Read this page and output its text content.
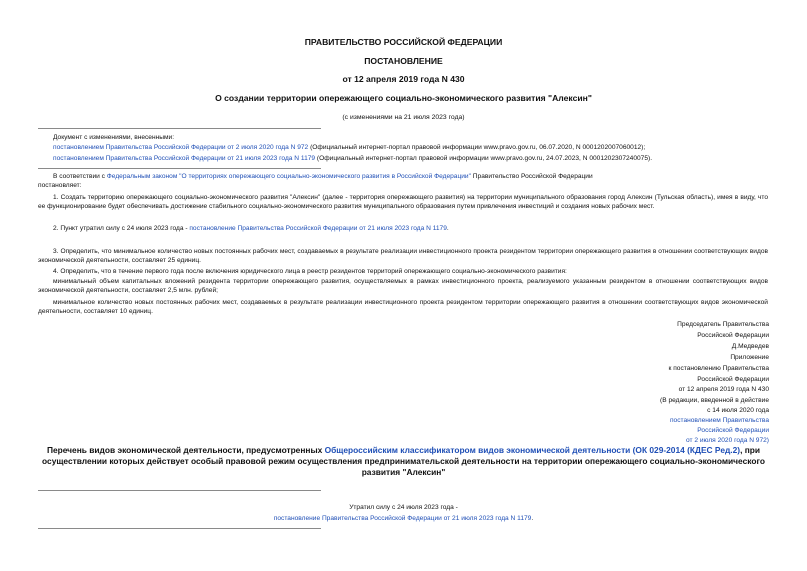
ПРАВИТЕЛЬСТВО РОССИЙСКОЙ ФЕДЕРАЦИИ
ПОСТАНОВЛЕНИЕ
от 12 апреля 2019 года N 430
О создании территории опережающего социально-экономического развития "Алексин"
(с изменениями на 21 июля 2023 года)
Документ с изменениями, внесенными:
постановлением Правительства Российской Федерации от 2 июля 2020 года N 972 (Официальный интернет-портал правовой информации www.pravo.gov.ru, 06.07.2020, N 0001202007060012);
постановлением Правительства Российской Федерации от 21 июля 2023 года N 1179 (Официальный интернет-портал правовой информации www.pravo.gov.ru, 24.07.2023, N 0001202307240075).
В соответствии с Федеральным законом "О территориях опережающего социально-экономического развития в Российской Федерации" Правительство Российской Федерации
постановляет:
1. Создать территорию опережающего социально-экономического развития "Алексин" (далее - территория опережающего развития) на территории муниципального образования город Алексин (Тульская область), имея в виду, что ее функционирование будет обеспечивать достижение стабильного социально-экономического развития муниципального образования путем привлечения инвестиций и создания новых рабочих мест.
2. Пункт утратил силу с 24 июля 2023 года - постановление Правительства Российской Федерации от 21 июля 2023 года N 1179.
3. Определить, что минимальное количество новых постоянных рабочих мест, создаваемых в результате реализации инвестиционного проекта резидентом территории опережающего развития в отношении соответствующих видов экономической деятельности, составляет 25 единиц.
4. Определить, что в течение первого года после включения юридического лица в реестр резидентов территорий опережающего социально-экономического развития:
минимальный объем капитальных вложений резидента территории опережающего развития, осуществляемых в рамках инвестиционного проекта, реализуемого указанным резидентом в отношении соответствующих видов экономической деятельности, составляет 2,5 млн. рублей;
минимальное количество новых постоянных рабочих мест, создаваемых в результате реализации инвестиционного проекта резидентом территории опережающего развития в отношении соответствующих видов экономической деятельности, составляет 10 единиц.
Председатель Правительства
Российской Федерации
Д.Медведев
Приложение
к постановлению Правительства
Российской Федерации
от 12 апреля 2019 года N 430
(В редакции, введенной в действие
с 14 июля 2020 года
постановлением Правительства
Российской Федерации
от 2 июля 2020 года N 972)
Перечень видов экономической деятельности, предусмотренных Общероссийским классификатором видов экономической деятельности (ОК 029-2014 (КДЕС Ред.2), при осуществлении которых действует особый правовой режим осуществления предпринимательской деятельности на территории опережающего социально-экономического развития "Алексин"
Утратил силу с 24 июля 2023 года -
постановление Правительства Российской Федерации от 21 июля 2023 года N 1179.
